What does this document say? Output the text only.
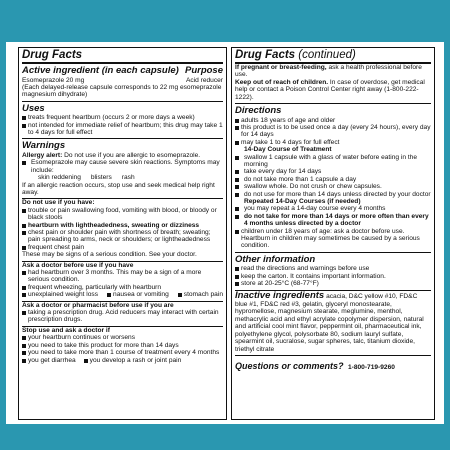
Drug Facts
Active ingredient (in each capsule) Purpose
Esomeprazole 20 mg	Acid reducer
(Each delayed-release capsule corresponds to 22 mg esomeprazole magnesium dihydrate)
Uses
treats frequent heartburn (occurs 2 or more days a week)
not intended for immediate relief of heartburn; this drug may take 1 to 4 days for full effect
Warnings
Allergy alert: Do not use if you are allergic to esomeprazole.
Esomeprazole may cause severe skin reactions. Symptoms may include:
skin reddening blisters rash
If an allergic reaction occurs, stop use and seek medical help right away.
Do not use if you have:
trouble or pain swallowing food, vomiting with blood, or bloody or black stools
heartburn with lightheadedness, sweating or dizziness
chest pain or shoulder pain with shortness of breath; sweating; pain spreading to arms, neck or shoulders; or lightheadedness
frequent chest pain
These may be signs of a serious condition. See your doctor.
Ask a doctor before use if you have
had heartburn over 3 months. This may be a sign of a more serious condition.
frequent wheezing, particularly with heartburn
unexplained weight loss	nausea or vomiting	stomach pain
Ask a doctor or pharmacist before use if you are
taking a prescription drug. Acid reducers may interact with certain prescription drugs.
Stop use and ask a doctor if
your heartburn continues or worsens
you need to take this product for more than 14 days
you need to take more than 1 course of treatment every 4 months
you get diarrhea	you develop a rash or joint pain
Drug Facts (continued)
If pregnant or breast-feeding, ask a health professional before use.
Keep out of reach of children. In case of overdose, get medical help or contact a Poison Control Center right away (1-800-222-1222).
Directions
adults 18 years of age and older
this product is to be used once a day (every 24 hours), every day for 14 days
may take 1 to 4 days for full effect
14-Day Course of Treatment
swallow 1 capsule with a glass of water before eating in the morning
take every day for 14 days
do not take more than 1 capsule a day
swallow whole. Do not crush or chew capsules.
do not use for more than 14 days unless directed by your doctor
Repeated 14-Day Courses (if needed)
you may repeat a 14-day course every 4 months
do not take for more than 14 days or more often than every 4 months unless directed by a doctor
children under 18 years of age: ask a doctor before use. Heartburn in children may sometimes be caused by a serious condition.
Other information
read the directions and warnings before use
keep the carton. It contains important information.
store at 20-25°C (68-77°F)
Inactive ingredients acacia, D&C yellow #10, FD&C blue #1, FD&C red #3, gelatin, glyceryl monostearate, hypromellose, magnesium stearate, meglumine, menthol, methacrylic acid and ethyl acrylate copolymer dispersion, natural and artificial cool mint flavor, peppermint oil, pharmaceutical ink, polyethylene glycol, polysorbate 80, sodium lauryl sulfate, spearmint oil, sucralose, sugar spheres, talc, titanium dioxide, triethyl citrate
Questions or comments? 1-800-719-9260
